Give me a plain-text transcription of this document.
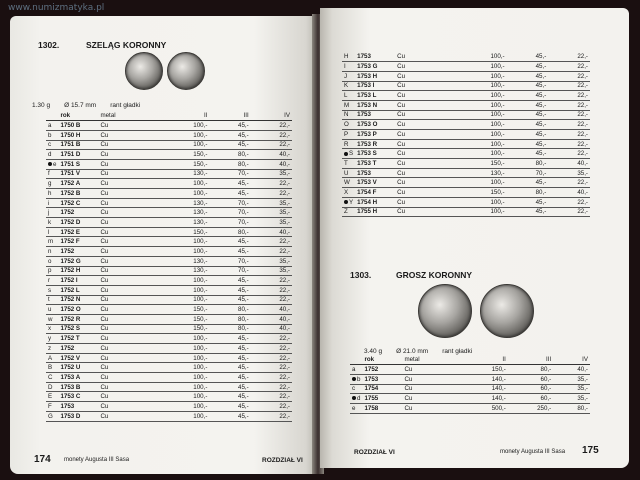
www.numizmatyka.pl
1302.	SZELĄG KORONNY
1.30 g Ø 15.7 mm rant gładki
	rok	metal	II	III	IV
a	1750 B	Cu	100,-	45,-	22,-
b	1750 H	Cu	100,-	45,-	22,-
c	1751 B	Cu	100,-	45,-	22,-
d	1751 D	Cu	150,-	80,-	40,-
e	1751 S	Cu	150,-	80,-	40,-
f	1751 V	Cu	130,-	70,-	35,-
g	1752 A	Cu	100,-	45,-	22,-
h	1752 B	Cu	100,-	45,-	22,-
i	1752 C	Cu	130,-	70,-	35,-
j	1752	Cu	130,-	70,-	35,-
k	1752 D	Cu	130,-	70,-	35,-
l	1752 E	Cu	150,-	80,-	40,-
m	1752 F	Cu	100,-	45,-	22,-
n	1752	Cu	100,-	45,-	22,-
o	1752 G	Cu	130,-	70,-	35,-
p	1752 H	Cu	130,-	70,-	35,-
r	1752 I	Cu	100,-	45,-	22,-
s	1752 L	Cu	100,-	45,-	22,-
t	1752 N	Cu	100,-	45,-	22,-
u	1752 O	Cu	150,-	80,-	40,-
w	1752 R	Cu	150,-	80,-	40,-
x	1752 S	Cu	150,-	80,-	40,-
y	1752 T	Cu	100,-	45,-	22,-
z	1752	Cu	100,-	45,-	22,-
A	1752 V	Cu	100,-	45,-	22,-
B	1752 U	Cu	100,-	45,-	22,-
C	1753 A	Cu	100,-	45,-	22,-
D	1753 B	Cu	100,-	45,-	22,-
E	1753 C	Cu	100,-	45,-	22,-
F	1753	Cu	100,-	45,-	22,-
G	1753 D	Cu	100,-	45,-	22,-
174 monety Augusta III Sasa	ROZDZIAŁ VI
H	1753	Cu	100,-	45,-	22,-
I	1753 G	Cu	100,-	45,-	22,-
J	1753 H	Cu	100,-	45,-	22,-
K	1753 I	Cu	100,-	45,-	22,-
L	1753 L	Cu	100,-	45,-	22,-
M	1753 N	Cu	100,-	45,-	22,-
N	1753	Cu	100,-	45,-	22,-
O	1753 O	Cu	100,-	45,-	22,-
P	1753 P	Cu	100,-	45,-	22,-
R	1753 R	Cu	100,-	45,-	22,-
S	1753 S	Cu	100,-	45,-	22,-
T	1753 T	Cu	150,-	80,-	40,-
U	1753	Cu	130,-	70,-	35,-
W	1753 V	Cu	100,-	45,-	22,-
X	1754 F	Cu	150,-	80,-	40,-
Y	1754 H	Cu	100,-	45,-	22,-
Z	1755 H	Cu	100,-	45,-	22,-
1303.	GROSZ KORONNY
3.40 g Ø 21.0 mm rant gładki
	rok	metal	II	III	IV
a	1752	Cu	150,-	80,-	40,-
b	1753	Cu	140,-	60,-	35,-
c	1754	Cu	140,-	60,-	35,-
d	1755	Cu	140,-	60,-	35,-
e	1758	Cu	500,-	250,-	80,-
ROZDZIAŁ VI	monety Augusta III Sasa 175
